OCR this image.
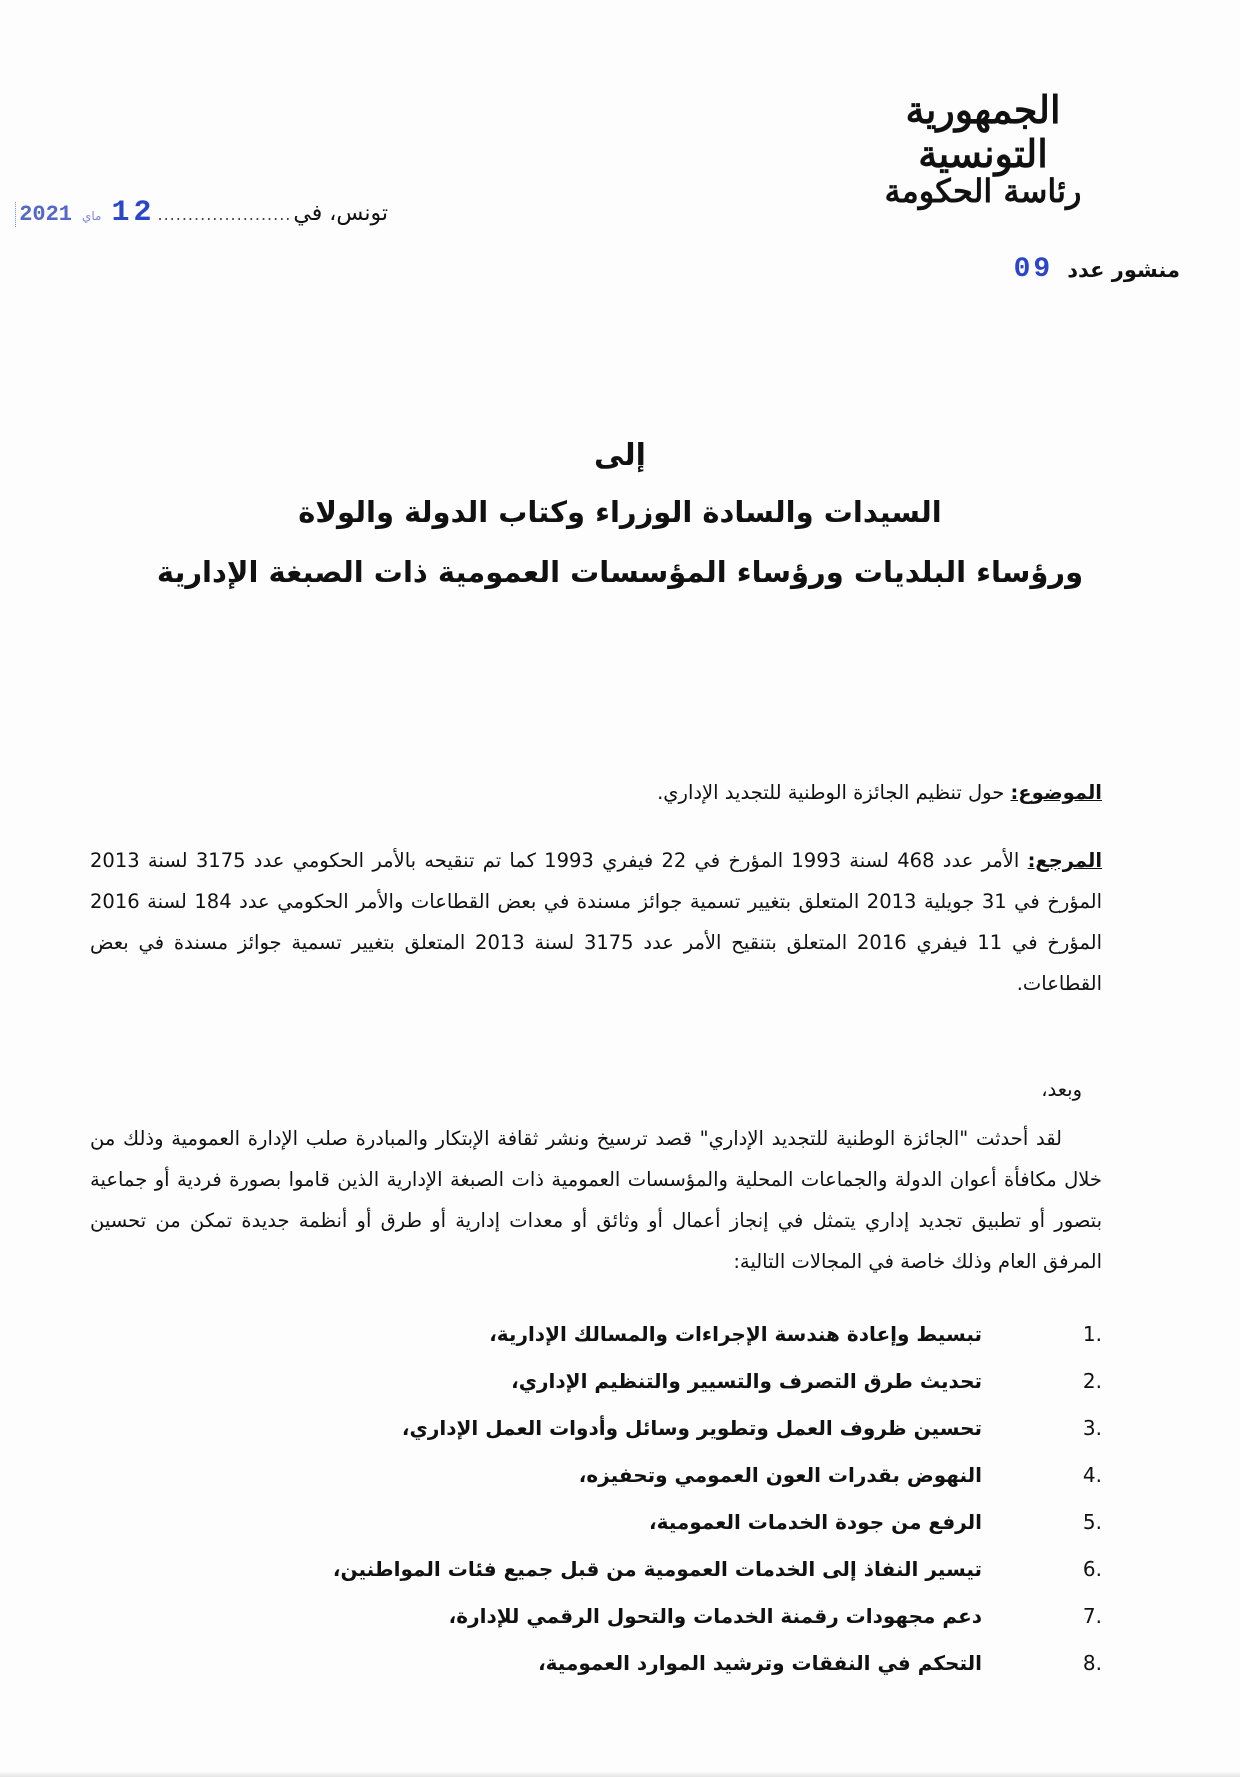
الجمهورية التونسية
رئاسة الحكومة
تونس، في
......................
12
ماي
2021
منشور عدد
09
إلى
السيدات والسادة الوزراء وكتاب الدولة والولاة
ورؤساء البلديات ورؤساء المؤسسات العمومية ذات الصبغة الإدارية
الموضوع: حول تنظيم الجائزة الوطنية للتجديد الإداري.
المرجع: الأمر عدد 468 لسنة 1993 المؤرخ في 22 فيفري 1993 كما تم تنقيحه بالأمر الحكومي عدد 3175 لسنة 2013 المؤرخ في 31 جويلية 2013 المتعلق بتغيير تسمية جوائز مسندة في بعض القطاعات والأمر الحكومي عدد 184 لسنة 2016 المؤرخ في 11 فيفري 2016 المتعلق بتنقيح الأمر عدد 3175 لسنة 2013 المتعلق بتغيير تسمية جوائز مسندة في بعض القطاعات.
وبعد،
لقد أحدثت "الجائزة الوطنية للتجديد الإداري" قصد ترسيخ ونشر ثقافة الإبتكار والمبادرة صلب الإدارة العمومية وذلك من خلال مكافأة أعوان الدولة والجماعات المحلية والمؤسسات العمومية ذات الصبغة الإدارية الذين قاموا بصورة فردية أو جماعية بتصور أو تطبيق تجديد إداري يتمثل في إنجاز أعمال أو وثائق أو معدات إدارية أو طرق أو أنظمة جديدة تمكن من تحسين المرفق العام وذلك خاصة في المجالات التالية:
1.
تبسيط وإعادة هندسة الإجراءات والمسالك الإدارية،
2.
تحديث طرق التصرف والتسيير والتنظيم الإداري،
3.
تحسين ظروف العمل وتطوير وسائل وأدوات العمل الإداري،
4.
النهوض بقدرات العون العمومي وتحفيزه،
5.
الرفع من جودة الخدمات العمومية،
6.
تيسير النفاذ إلى الخدمات العمومية من قبل جميع فئات المواطنين،
7.
دعم مجهودات رقمنة الخدمات والتحول الرقمي للإدارة،
8.
التحكم في النفقات وترشيد الموارد العمومية،
